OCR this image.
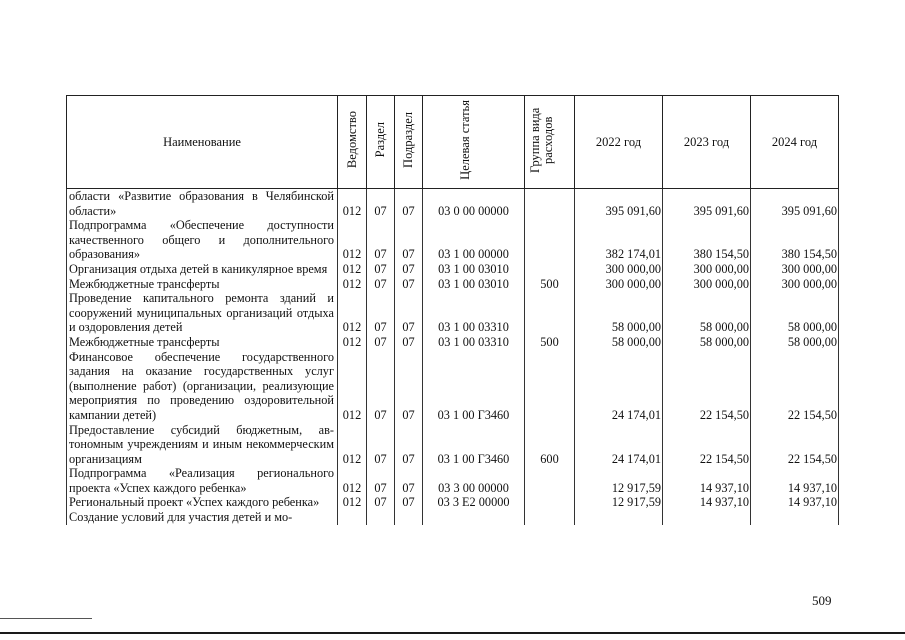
Наименование	Ведомство	Раздел	Подраздел	Целевая статья	Группа вида расходов	2022 год	2023 год	2024 год
области «Развитие образования в Челябинской области»	012	07	07	03 0 00 00000		395 091,60	395 091,60	395 091,60
Подпрограмма «Обеспечение доступности качественного общего и дополнительного образования»	012	07	07	03 1 00 00000		382 174,01	380 154,50	380 154,50
Организация отдыха детей в каникулярное время	012	07	07	03 1 00 03010		300 000,00	300 000,00	300 000,00
Межбюджетные трансферты	012	07	07	03 1 00 03010	500	300 000,00	300 000,00	300 000,00
Проведение капитального ремонта зданий и сооружений муниципальных организаций отдыха и оздоровления детей	012	07	07	03 1 00 03310		58 000,00	58 000,00	58 000,00
Межбюджетные трансферты	012	07	07	03 1 00 03310	500	58 000,00	58 000,00	58 000,00
Финансовое обеспечение государственного задания на оказание государственных услуг (выполнение работ) (организации, реализующие мероприятия по проведению оздоровительной кампании детей)	012	07	07	03 1 00 Г3460		24 174,01	22 154,50	22 154,50
Предоставление субсидий бюджетным, автономным учреждениям и иным некоммерческим организациям	012	07	07	03 1 00 Г3460	600	24 174,01	22 154,50	22 154,50
Подпрограмма «Реализация регионального проекта «Успех каждого ребенка»	012	07	07	03 3 00 00000		12 917,59	14 937,10	14 937,10
Региональный проект «Успех каждого ребенка»	012	07	07	03 3 E2 00000		12 917,59	14 937,10	14 937,10
Создание условий для участия детей и мо-								
509
